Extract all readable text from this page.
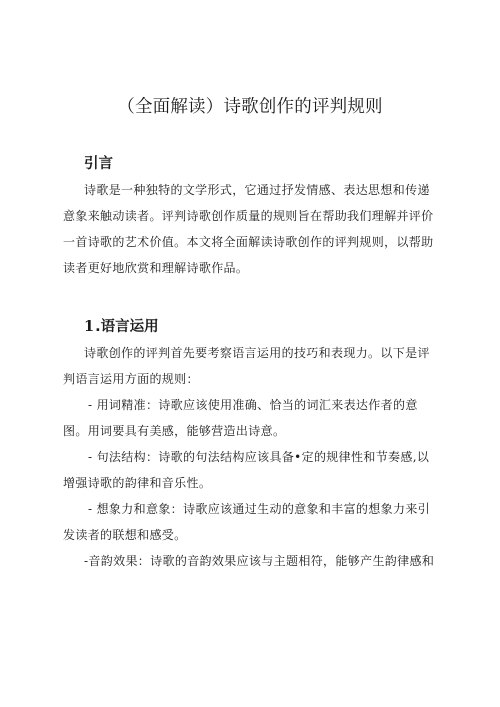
（全面解读）诗歌创作的评判规则
引言

诗歌是一种独特的文学形式，它通过抒发情感、表达思想和传递

意象来触动读者。评判诗歌创作质量的规则旨在帮助我们理解并评价

一首诗歌的艺术价值。本文将全面解读诗歌创作的评判规则，以帮助

读者更好地欣赏和理解诗歌作品。

1.语言运用

诗歌创作的评判首先要考察语言运用的技巧和表现力。以下是评

判语言运用方面的规则：

- 用词精准：诗歌应该使用准确、恰当的词汇来表达作者的意

图。用词要具有美感，能够营造出诗意。

- 句法结构：诗歌的句法结构应该具备•定的规律性和节奏感,以

增强诗歌的韵律和音乐性。

- 想象力和意象：诗歌应该通过生动的意象和丰富的想象力来引

发读者的联想和感受。

-音韵效果：诗歌的音韵效果应该与主题相符，能够产生韵律感和
